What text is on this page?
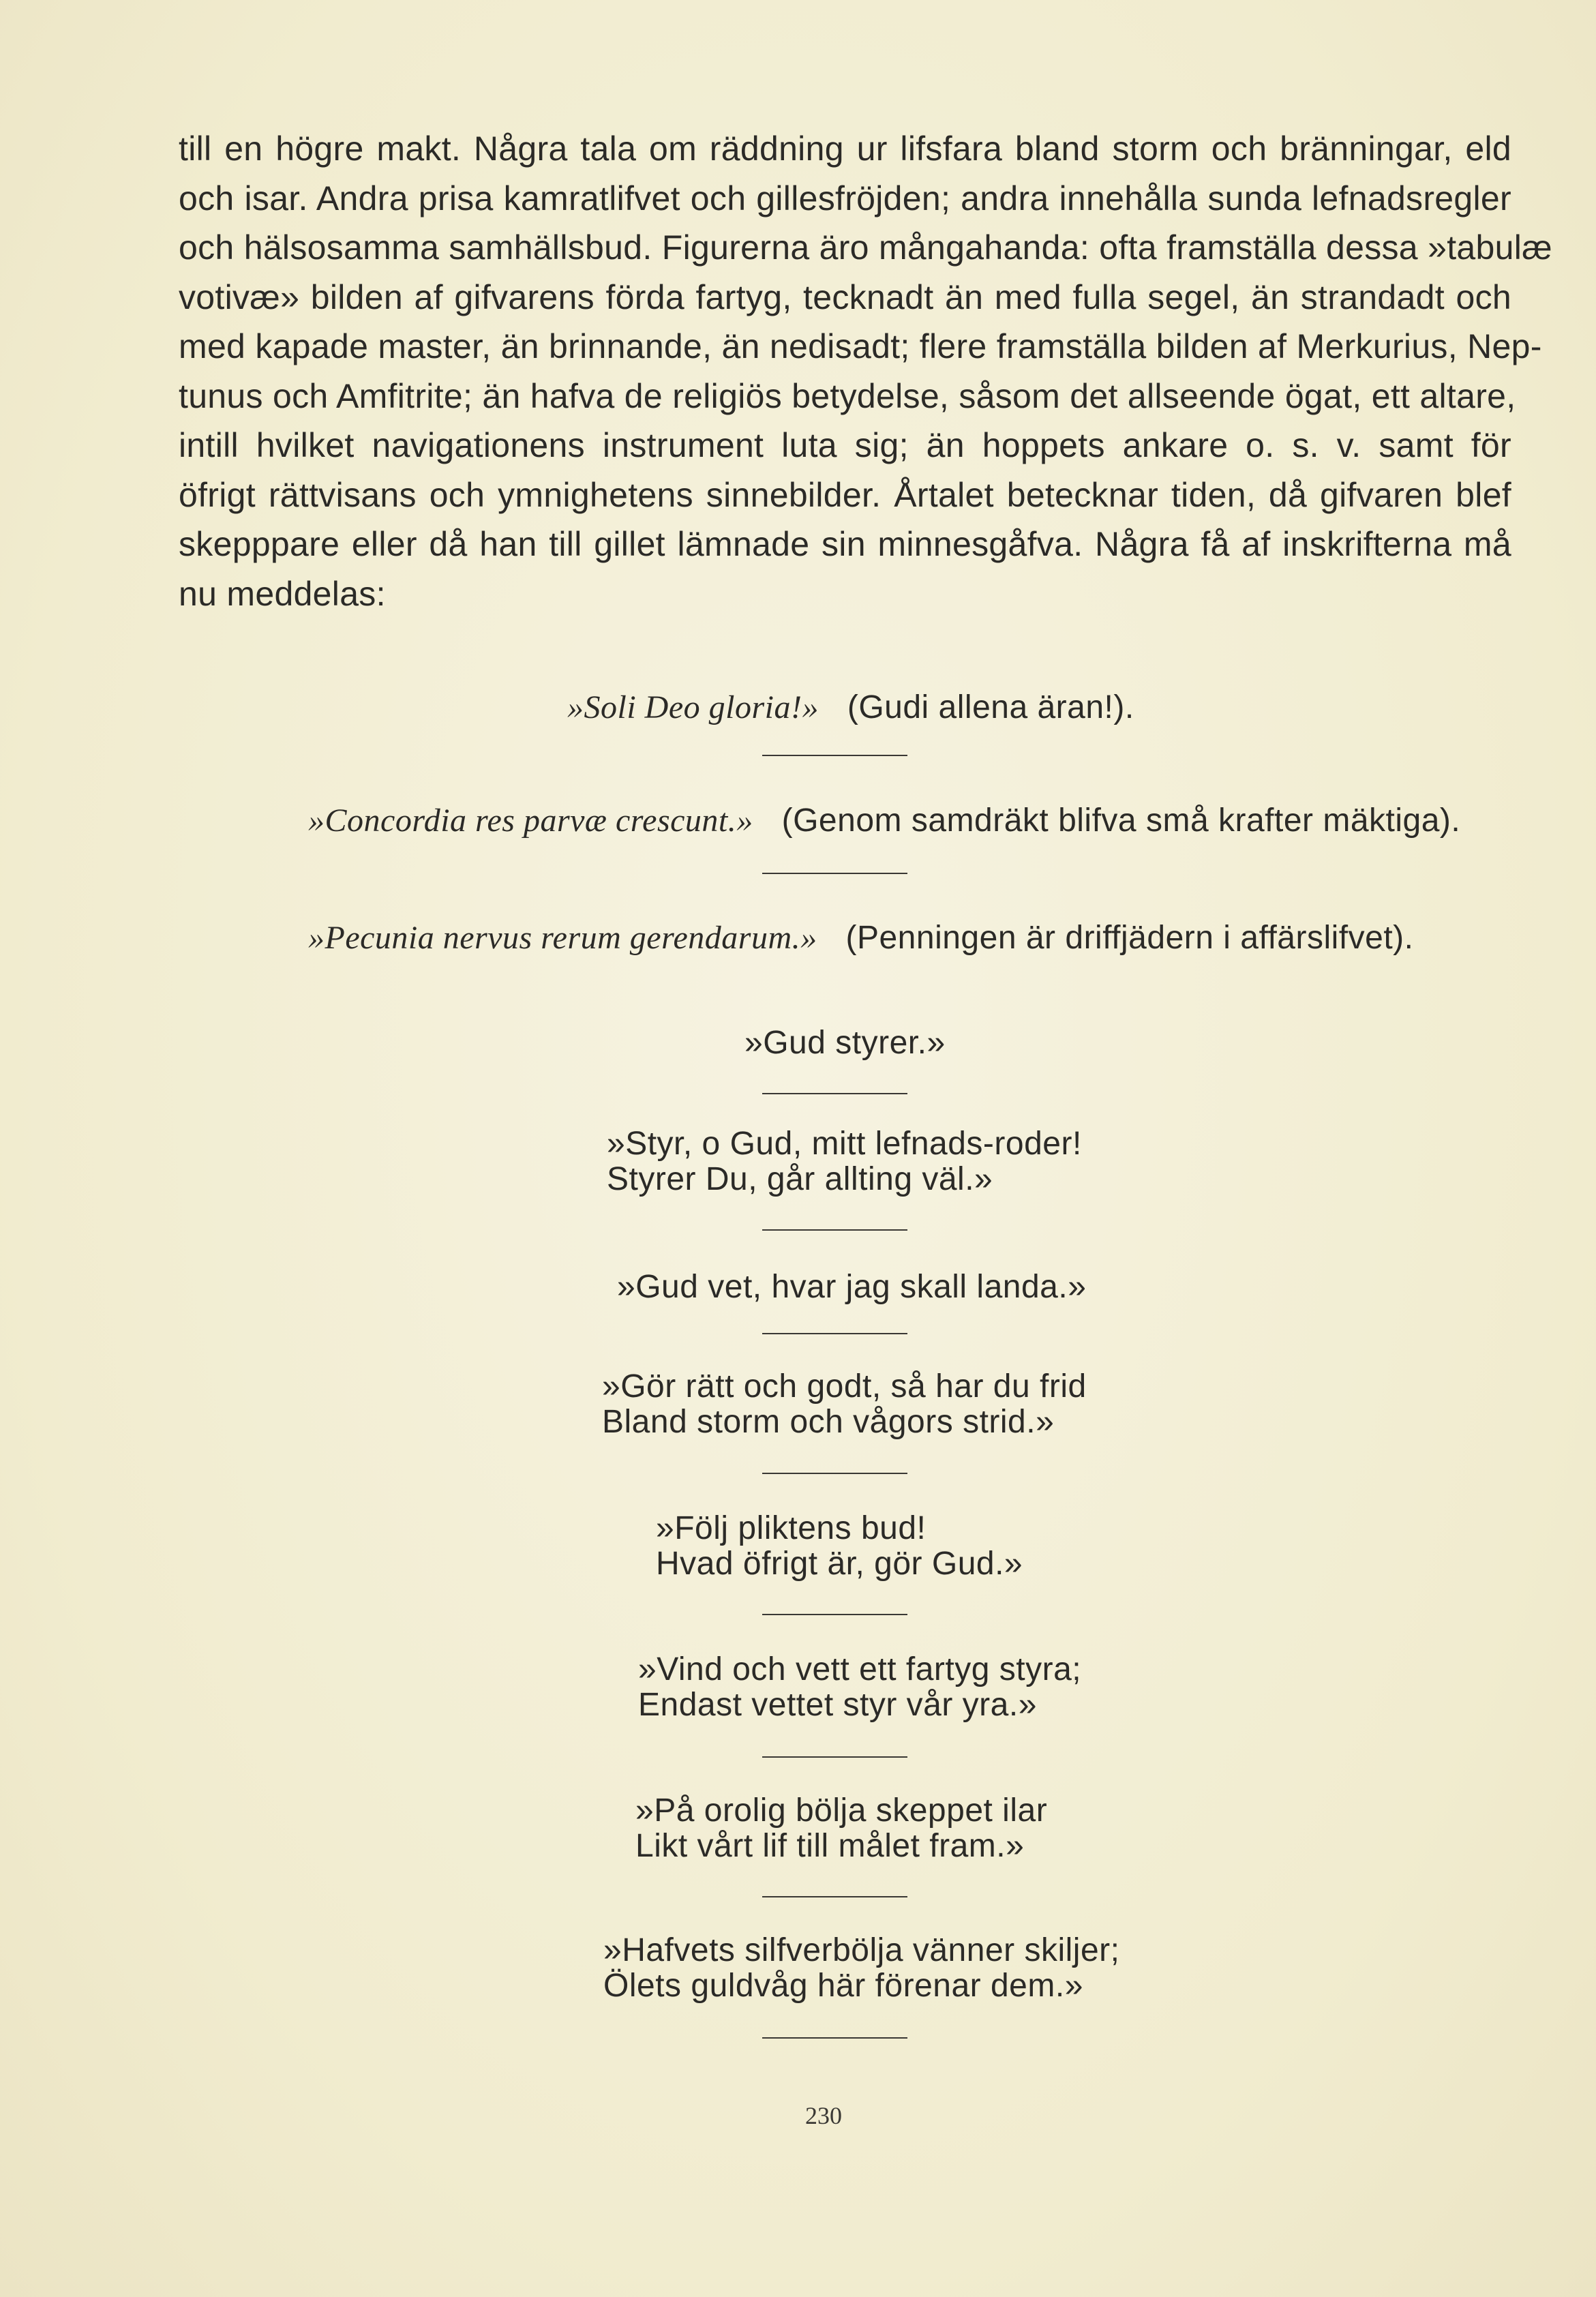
till en högre makt. Några tala om räddning ur lifsfara bland storm och bränningar, eld
och isar. Andra prisa kamratlifvet och gillesfröjden; andra innehålla sunda lefnadsregler
och hälsosamma samhällsbud. Figurerna äro mångahanda: ofta framställa dessa »tabulæ
votivæ» bilden af gifvarens förda fartyg, tecknadt än med fulla segel, än strandadt och
med kapade master, än brinnande, än nedisadt; flere framställa bilden af Merkurius, Nep-
tunus och Amfitrite; än hafva de religiös betydelse, såsom det allseende ögat, ett altare,
intill hvilket navigationens instrument luta sig; än hoppets ankare o. s. v. samt för
öfrigt rättvisans och ymnighetens sinnebilder. Årtalet betecknar tiden, då gifvaren blef
skepppare eller då han till gillet lämnade sin minnesgåfva. Några få af inskrifterna må
nu meddelas:
»Soli Deo gloria!» (Gudi allena äran!).
»Concordia res parvæ crescunt.» (Genom samdräkt blifva små krafter mäktiga).
»Pecunia nervus rerum gerendarum.» (Penningen är driffjädern i affärslifvet).
»Gud styrer.»
»Styr, o Gud, mitt lefnads-roder!
Styrer Du, går allting väl.»
»Gud vet, hvar jag skall landa.»
»Gör rätt och godt, så har du frid
Bland storm och vågors strid.»
»Följ pliktens bud!
Hvad öfrigt är, gör Gud.»
»Vind och vett ett fartyg styra;
Endast vettet styr vår yra.»
»På orolig bölja skeppet ilar
Likt vårt lif till målet fram.»
»Hafvets silfverbölja vänner skiljer;
Ölets guldvåg här förenar dem.»
230
